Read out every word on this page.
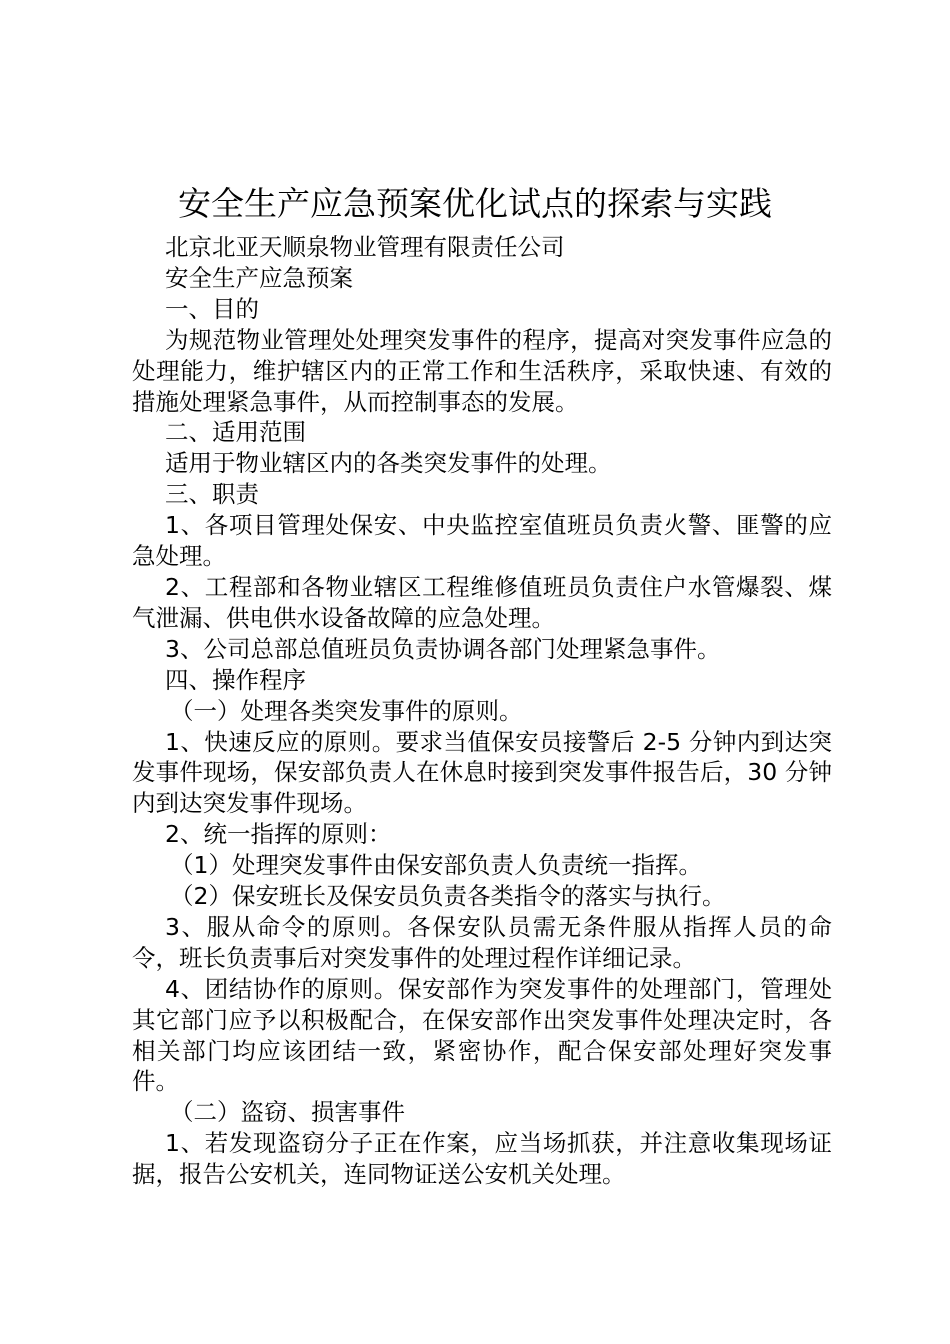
安全生产应急预案优化试点的探索与实践

北京北亚天顺泉物业管理有限责任公司

安全生产应急预案

一、目的

为规范物业管理处处理突发事件的程序，提高对突发事件应急的处理能力，维护辖区内的正常工作和生活秩序，采取快速、有效的措施处理紧急事件，从而控制事态的发展。

二、适用范围

适用于物业辖区内的各类突发事件的处理。

三、职责

1、各项目管理处保安、中央监控室值班员负责火警、匪警的应急处理。

2、工程部和各物业辖区工程维修值班员负责住户水管爆裂、煤气泄漏、供电供水设备故障的应急处理。

3、公司总部总值班员负责协调各部门处理紧急事件。

四、操作程序

（一）处理各类突发事件的原则。

1、快速反应的原则。要求当值保安员接警后 2-5 分钟内到达突发事件现场，保安部负责人在休息时接到突发事件报告后，30 分钟内到达突发事件现场。

2、统一指挥的原则：

（1）处理突发事件由保安部负责人负责统一指挥。

（2）保安班长及保安员负责各类指令的落实与执行。

3、服从命令的原则。各保安队员需无条件服从指挥人员的命令，班长负责事后对突发事件的处理过程作详细记录。

4、团结协作的原则。保安部作为突发事件的处理部门，管理处其它部门应予以积极配合，在保安部作出突发事件处理决定时，各相关部门均应该团结一致，紧密协作，配合保安部处理好突发事件。

（二）盗窃、损害事件

1、若发现盗窃分子正在作案，应当场抓获，并注意收集现场证据，报告公安机关，连同物证送公安机关处理。
